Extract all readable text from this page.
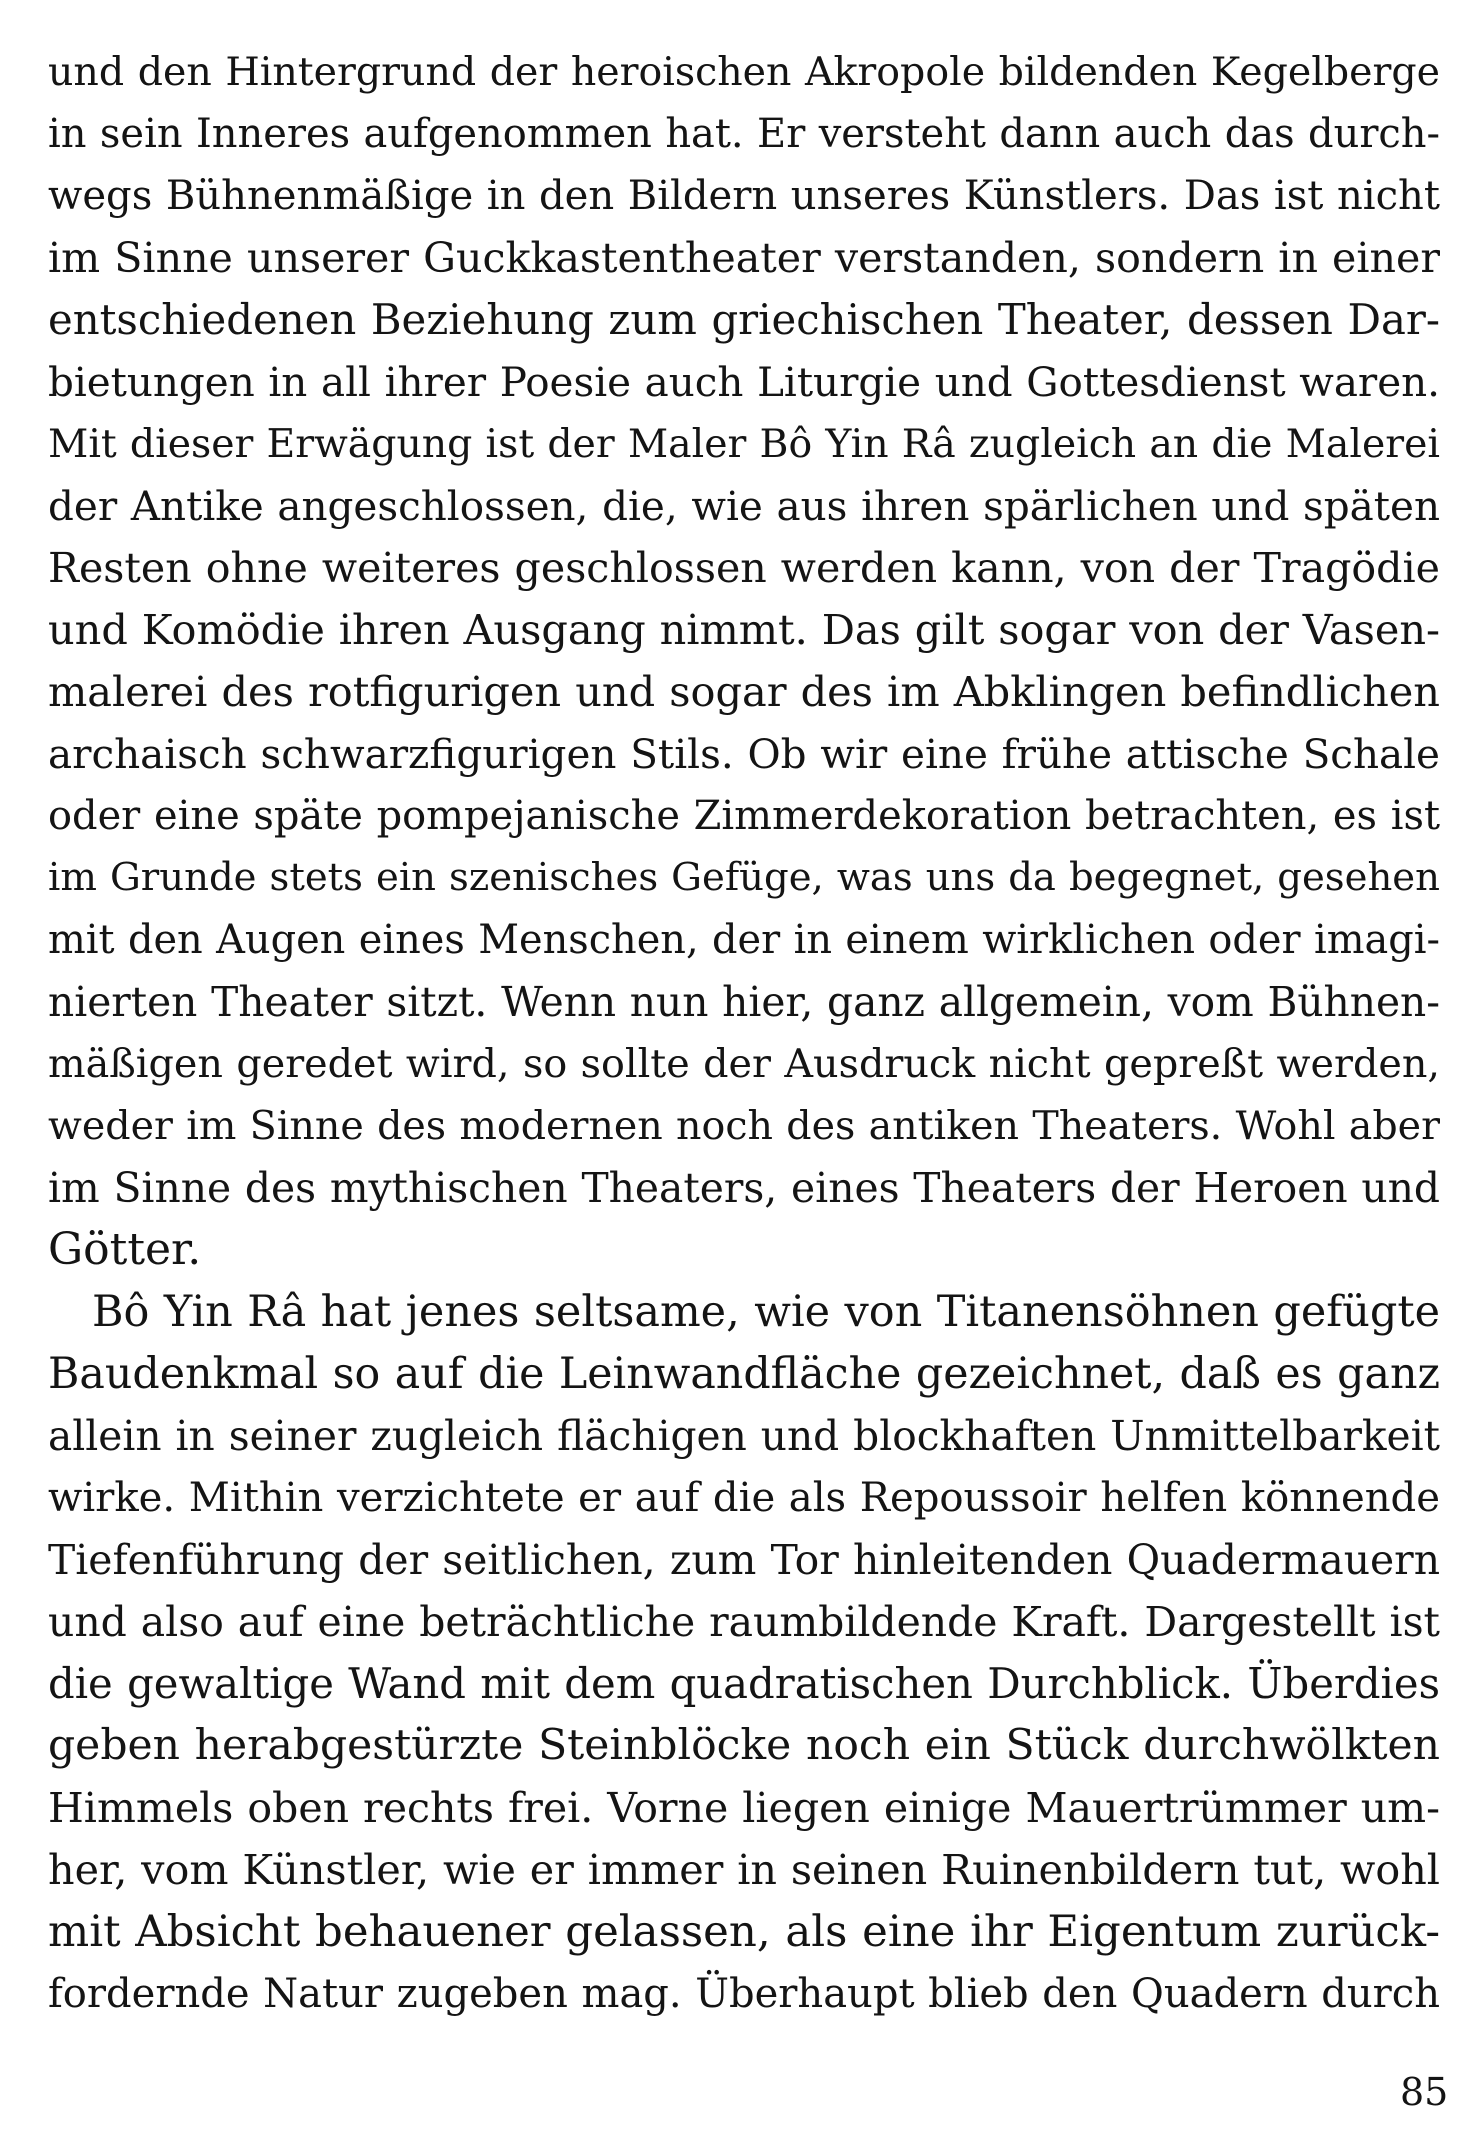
und den Hintergrund der heroischen Akropole bildenden Kegelberge
in sein Inneres aufgenommen hat. Er versteht dann auch das durch-
wegs Bühnenmäßige in den Bildern unseres Künstlers. Das ist nicht
im Sinne unserer Guckkastentheater verstanden, sondern in einer
entschiedenen Beziehung zum griechischen Theater, dessen Dar-
bietungen in all ihrer Poesie auch Liturgie und Gottesdienst waren.
Mit dieser Erwägung ist der Maler Bô Yin Râ zugleich an die Malerei
der Antike angeschlossen, die, wie aus ihren spärlichen und späten
Resten ohne weiteres geschlossen werden kann, von der Tragödie
und Komödie ihren Ausgang nimmt. Das gilt sogar von der Vasen-
malerei des rotfigurigen und sogar des im Abklingen befindlichen
archaisch schwarzfigurigen Stils. Ob wir eine frühe attische Schale
oder eine späte pompejanische Zimmerdekoration betrachten, es ist
im Grunde stets ein szenisches Gefüge, was uns da begegnet, gesehen
mit den Augen eines Menschen, der in einem wirklichen oder imagi-
nierten Theater sitzt. Wenn nun hier, ganz allgemein, vom Bühnen-
mäßigen geredet wird, so sollte der Ausdruck nicht gepreßt werden,
weder im Sinne des modernen noch des antiken Theaters. Wohl aber
im Sinne des mythischen Theaters, eines Theaters der Heroen und
Götter.
Bô Yin Râ hat jenes seltsame, wie von Titanensöhnen gefügte
Baudenkmal so auf die Leinwandfläche gezeichnet, daß es ganz
allein in seiner zugleich flächigen und blockhaften Unmittelbarkeit
wirke. Mithin verzichtete er auf die als Repoussoir helfen könnende
Tiefenführung der seitlichen, zum Tor hinleitenden Quadermauern
und also auf eine beträchtliche raumbildende Kraft. Dargestellt ist
die gewaltige Wand mit dem quadratischen Durchblick. Überdies
geben herabgestürzte Steinblöcke noch ein Stück durchwölkten
Himmels oben rechts frei. Vorne liegen einige Mauertrümmer um-
her, vom Künstler, wie er immer in seinen Ruinenbildern tut, wohl
mit Absicht behauener gelassen, als eine ihr Eigentum zurück-
fordernde Natur zugeben mag. Überhaupt blieb den Quadern durch
85
